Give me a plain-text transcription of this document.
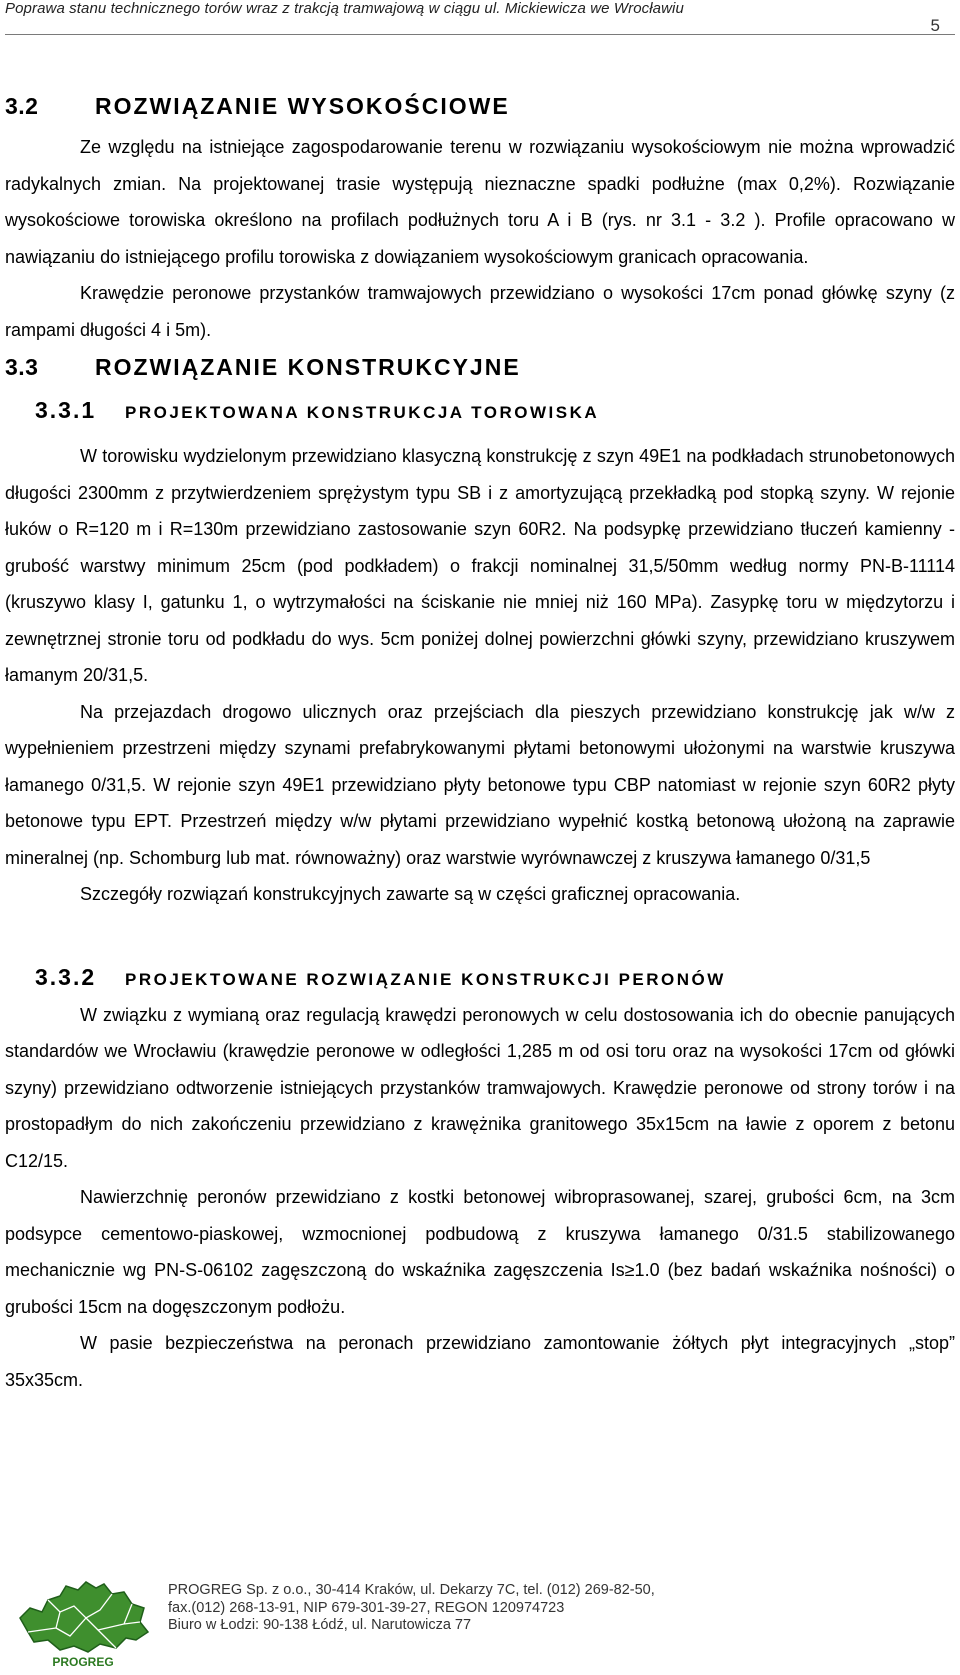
Poprawa stanu technicznego torów wraz z trakcją tramwajową w ciągu ul. Mickiewicza we Wrocławiu
5
3.2 ROZWIĄZANIE WYSOKOŚCIOWE

Ze względu na istniejące zagospodarowanie terenu w rozwiązaniu wysokościowym nie można wprowadzić radykalnych zmian. Na projektowanej trasie występują nieznaczne spadki podłużne (max 0,2%). Rozwiązanie wysokościowe torowiska określono na profilach podłużnych toru A i B (rys. nr 3.1 - 3.2 ). Profile opracowano w nawiązaniu do istniejącego profilu torowiska z dowiązaniem wysokościowym granicach opracowania.

Krawędzie peronowe przystanków tramwajowych przewidziano o wysokości 17cm ponad główkę szyny (z rampami długości 4 i 5m).

3.3 ROZWIĄZANIE KONSTRUKCYJNE
3.3.1 PROJEKTOWANA KONSTRUKCJA TOROWISKA

W torowisku wydzielonym przewidziano klasyczną konstrukcję z szyn 49E1 na podkładach strunobetonowych długości 2300mm z przytwierdzeniem sprężystym typu SB i z amortyzującą przekładką pod stopką szyny. W rejonie łuków o R=120 m i R=130m przewidziano zastosowanie szyn 60R2. Na podsypkę przewidziano tłuczeń kamienny - grubość warstwy minimum 25cm (pod podkładem) o frakcji nominalnej 31,5/50mm według normy PN-B-11114 (kruszywo klasy I, gatunku 1, o wytrzymałości na ściskanie nie mniej niż 160 MPa). Zasypkę toru w międzytorzu i zewnętrznej stronie toru od podkładu do wys. 5cm poniżej dolnej powierzchni główki szyny, przewidziano kruszywem łamanym 20/31,5.

Na przejazdach drogowo ulicznych oraz przejściach dla pieszych przewidziano konstrukcję jak w/w z wypełnieniem przestrzeni między szynami prefabrykowanymi płytami betonowymi ułożonymi na warstwie kruszywa łamanego 0/31,5. W rejonie szyn 49E1 przewidziano płyty betonowe typu CBP natomiast w rejonie szyn 60R2 płyty betonowe typu EPT. Przestrzeń między w/w płytami przewidziano wypełnić kostką betonową ułożoną na zaprawie mineralnej (np. Schomburg lub mat. równoważny) oraz warstwie wyrównawczej z kruszywa łamanego 0/31,5

Szczegóły rozwiązań konstrukcyjnych zawarte są w części graficznej opracowania.

3.3.2 PROJEKTOWANE ROZWIĄZANIE KONSTRUKCJI PERONÓW

W związku z wymianą oraz regulacją krawędzi peronowych w celu dostosowania ich do obecnie panujących standardów we Wrocławiu (krawędzie peronowe w odległości 1,285 m od osi toru oraz na wysokości 17cm od główki szyny) przewidziano odtworzenie istniejących przystanków tramwajowych. Krawędzie peronowe od strony torów i na prostopadłym do nich zakończeniu przewidziano z krawężnika granitowego 35x15cm na ławie z oporem z betonu C12/15.

Nawierzchnię peronów przewidziano z kostki betonowej wibroprasowanej, szarej, grubości 6cm, na 3cm podsypce cementowo-piaskowej, wzmocnionej podbudową z kruszywa łamanego 0/31.5 stabilizowanego mechanicznie wg PN-S-06102 zagęszczoną do wskaźnika zagęszczenia Is≥1.0 (bez badań wskaźnika nośności) o grubości 15cm na dogęszczonym podłożu.

W pasie bezpieczeństwa na peronach przewidziano zamontowanie żółtych płyt integracyjnych „stop” 35x35cm.

PROGREG
PROGREG Sp. z o.o., 30-414 Kraków, ul. Dekarzy 7C, tel. (012) 269-82-50,
fax.(012) 268-13-91, NIP 679-301-39-27, REGON 120974723
Biuro w Łodzi: 90-138 Łódź, ul. Narutowicza 77
